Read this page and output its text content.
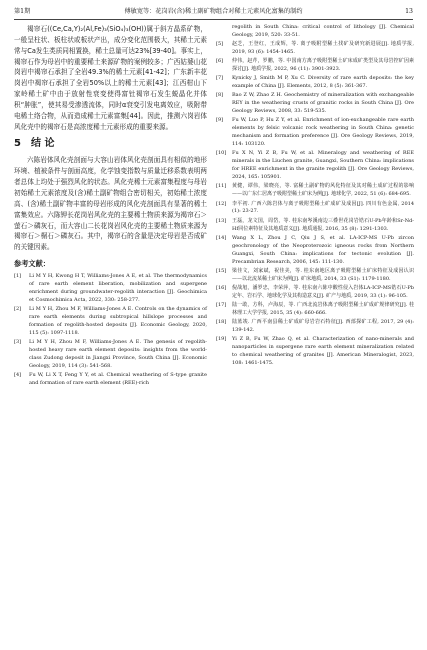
第1期	傅敏宽等：花岗岩(含)稀土副矿物组合对稀土元素风化富集的制约	13

褐帘石((Ce,Ca,Y)₂(Al,Fe)₃(SiO₄)₃(OH))属于斜方晶系矿物，一般呈柱状、板柱状或板状产出，成分变化范围极大，其稀土元素常与Ca发生类质同相置换，稀土总量可达23%[39-40]。事实上，褐帘石作为母岩中的重要稀土来源矿物的案例较多；广西姑婆山花岗岩中褐帘石承担了全岩49.3%的稀土元素[41-42]；广东新丰花岗岩中褐帘石承担了全岩50%以上的稀土元素[43]；江西柑山下家岭稀土矿中由于放射性衰变使得富钍褐帘石发生蜕晶化并体积“肿胀”，使其易受渗透流体，同时α衰变引发电离效应，吸附带电稀土络合物，从而造成稀土元素富集[44]。因此，推测六岗岩体风化壳中的褐帘石是高浓度稀土元素形成的重要来源。

5 结 论

六陈岩体风化壳剖面与大容山岩体风化壳剖面具有相似的地形环境、植被条件与剖面高度，化学蚀变指数与质量迁移系数表明两者总体上均处于强烈风化的状态。风化壳稀土元素富集程度与母岩初始稀土元素浓度及(含)稀土副矿物组合密切相关，初始稀土浓度高、(含)稀土副矿物丰富的母岩形成的风化壳剖面具有显著的稀土富集效应。六陈钾长花岗岩风化壳的主要稀土物质来源为褐帘石＞萤石＞磷灰石，而大容山二长花岗岩风化壳的主要稀土物质来源为褐帘石＞榍石＞磷灰石。其中，褐帘石的含量是决定母岩是否成矿的关键因素。

参考文献：
[1] Li M Y H, Kwong H T, Williams-Jones A E, et al. The thermodynamics of rare earth element liberation, mobilization and supergene enrichment during groundwater-regolith interaction [J]. Geochimica et Cosmochimica Acta, 2022, 330: 258-277.
[2] Li M Y H, Zhou M F, Williams-Jones A E. Controls on the dynamics of rare earth elements during subtropical hillslope processes and formation of regolith-hosted deposits [J]. Economic Geology, 2020, 115 (5): 1097-1118.
[3] Li M Y H, Zhou M F, Williams-Jones A E. The genesis of regolith-hosted heavy rare earth element deposits: insights from the world-class Zudong deposit in Jiangxi Province, South China [J]. Economic Geology, 2019, 114 (3): 541-568.
[4] Fu W, Li X T, Feng Y Y, et al. Chemical weathering of S-type granite and formation of rare earth element (REE)-rich
regolith in South China: critical control of lithology [J]. Chemical Geology, 2019, 520: 33-51.
[5] 赵芝，王登红，王成辉，等. 离子吸附型稀土找矿及研究新进展[J]. 地质学报, 2019, 93 (6): 1454-1465.
[6] 仲伟，赵芹，罗鹏，等. 中国南方离子吸附型稀土矿床成矿类型及其母岩控矿因素探讨[J]. 地质学报, 2022, 96 (11): 3901-3923.
[7] Kynicky J, Smith M P, Xu C. Diversity of rare earth deposits: the key example of China [J]. Elements, 2012, 8 (5): 361-367.
[8] Bao Z W, Zhao Z H. Geochemistry of mineralization with exchangeable REY in the weathering crusts of granitic rocks in South China [J]. Ore Geology Reviews, 2008, 33: 519-535.
[9] Fu W, Luo P, Hu Z Y, et al. Enrichment of ion-exchangeable rare earth elements by felsic volcanic rock weathering in South China: genetic mechanism and formation preference [J]. Ore Geology Reviews, 2019, 114: 103120.
[10] Fu X N, Yi Z B, Fu W, et al. Mineralogy and weathering of REE minerals in the Liuchen granite, Guangxi, Southern China: implications for HREE enrichment in the granite regolith [J]. Ore Geology Reviews, 2024, 165: 105901.
[11] 黄健，谭伟，梁晓亮，等. 富稀土副矿物的风化特征及其对稀土成矿过程的影响——以广东仁居离子吸附型稀土矿床为例[J]. 地球化学, 2022, 51 (6): 684-695.
[12] 李平初. 广西六陈岩体与离子吸附型稀土矿成矿及成因[J]. 四川有色金属, 2014 (1): 23-27.
[13] 王磊，龙文国，周岱，等. 桂东南岑溪南边三叠世花岗岩锆石U-Pb年龄和Sr-Nd-Hf同位素特征及其地质意义[J]. 地质通报, 2016, 35 (8): 1291-1303.
[14] Wang X L, Zhou J C, Qiu J S, et al. LA-ICP-MS U-Pb zircon geochronology of the Neoproterozoic igneous rocks from Northern Guangxi, South China: implications for tectonic evolution [J]. Precambrian Research, 2006, 145: 111-130.
[15] 梁佳文，刘家斌，祝佳美，等. 桂东南地区离子吸附型稀土矿床特征及成因认识——以北流某稀土矿床为例[J]. 矿床地质, 2014, 33 (S1): 1179-1180.
[16] 倪战旭，潘罗忠，李荣萍，等. 桂东南六陈中酸性侵入岩体LA-ICP-MS锆石U-Pb定年、岩石学、地球化学及其构造意义[J]. 矿产与地质, 2019, 33 (1): 96-105.
[17] 陆一敢，方科，卢海辰，等. 广西北流岩体离子吸附型稀土矿成矿规律研究[J]. 桂林理工大学学报, 2015, 35 (4): 660-666.
[18] 陆蓝竣. 广西平南县稀土矿成矿母岩岩石特征[J]. 西部探矿工程, 2017, 29 (4): 139-142.
[19] Yi Z B, Fu W, Zhao Q, et al. Characterization of nano-minerals and nanoparticles in supergene rare earth element mineralization related to chemical weathering of granites [J]. American Mineralogist, 2023, 108: 1461-1475.
